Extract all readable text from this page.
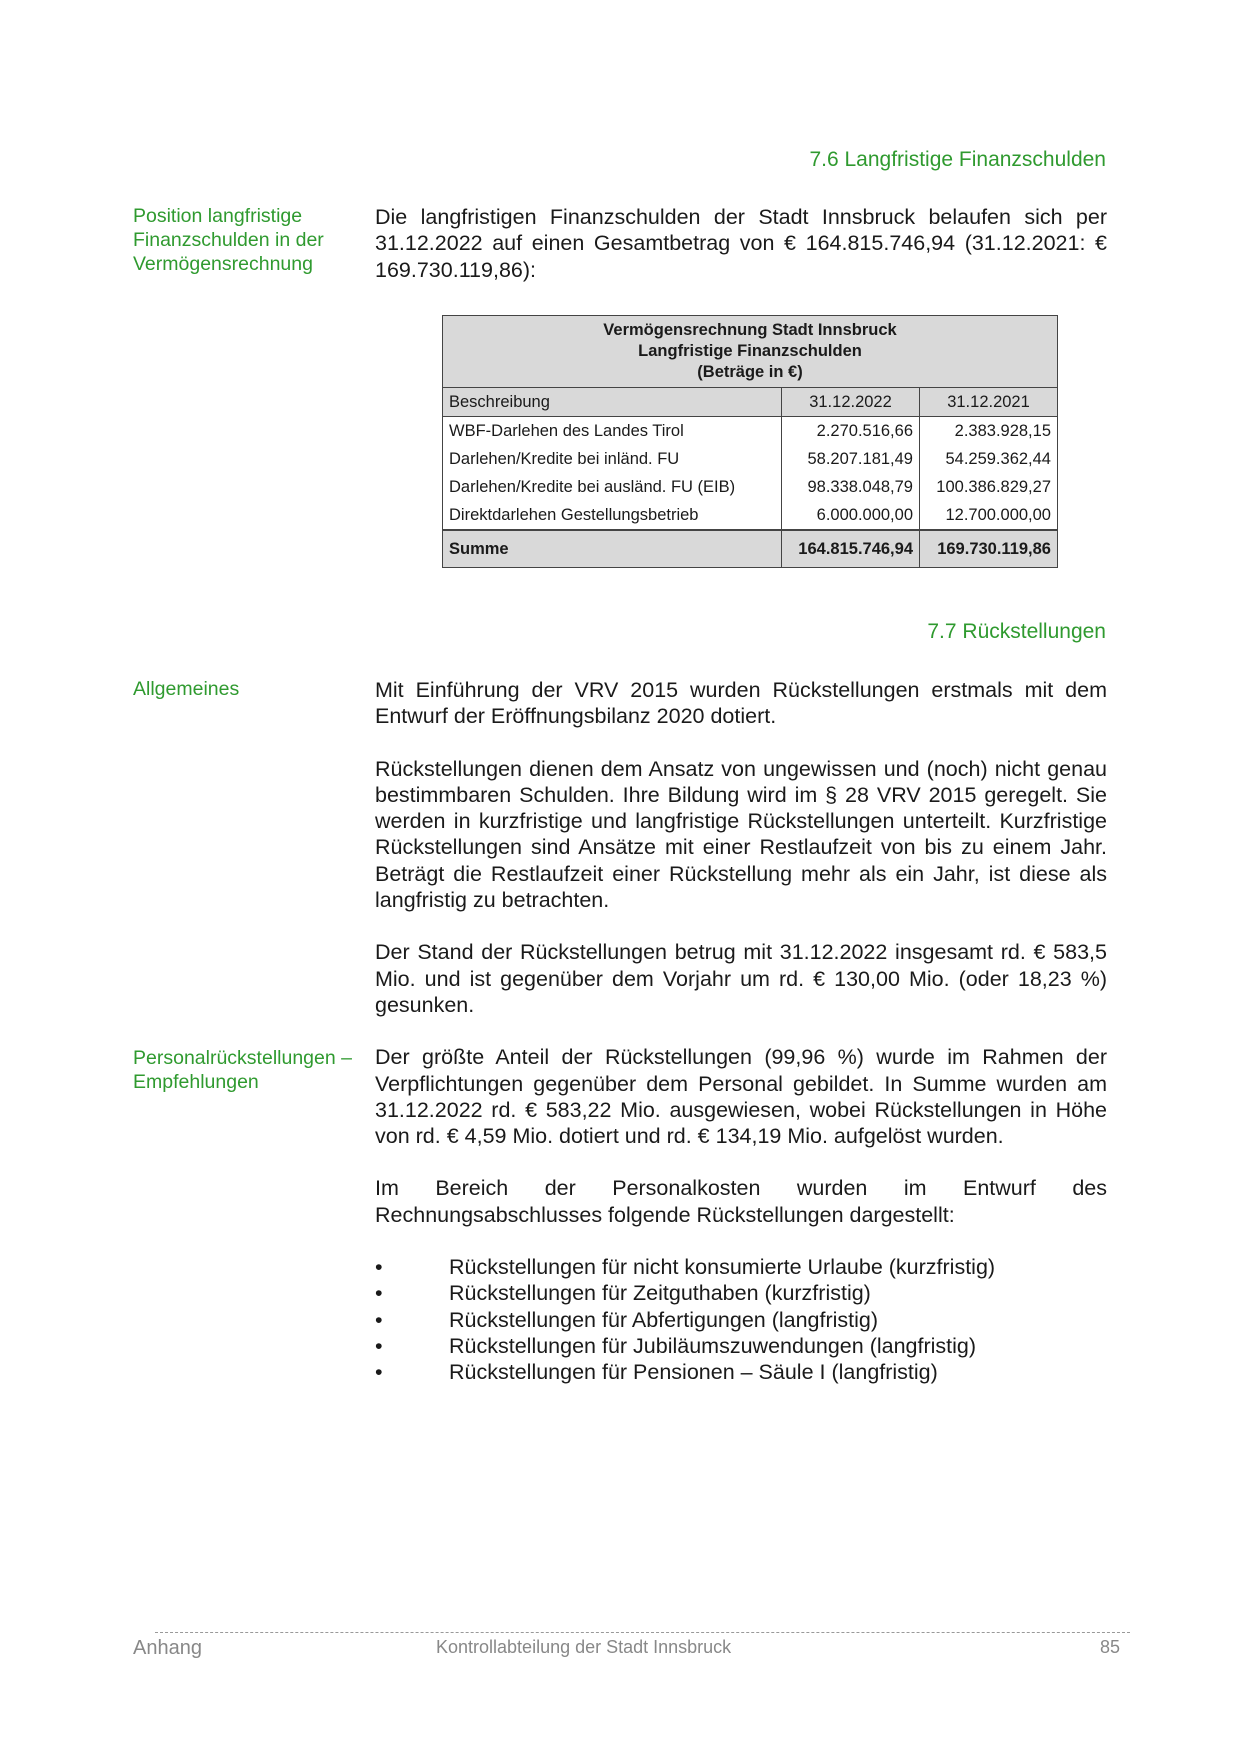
7.6 Langfristige Finanzschulden
Position langfristige Finanzschulden in der Vermögensrechnung

Die langfristigen Finanzschulden der Stadt Innsbruck belaufen sich per 31.12.2022 auf einen Gesamtbetrag von € 164.815.746,94 (31.12.2021: € 169.730.119,86):

Vermögensrechnung Stadt Innsbruck
Langfristige Finanzschulden
(Beträge in €)		
Beschreibung	31.12.2022	31.12.2021
WBF-Darlehen des Landes Tirol	2.270.516,66	2.383.928,15
Darlehen/Kredite bei inländ. FU	58.207.181,49	54.259.362,44
Darlehen/Kredite bei ausländ. FU (EIB)	98.338.048,79	100.386.829,27
Direktdarlehen Gestellungsbetrieb	6.000.000,00	12.700.000,00
Summe	164.815.746,94	169.730.119,86
7.7 Rückstellungen
Allgemeines
Personalrückstellungen – Empfehlungen

Mit Einführung der VRV 2015 wurden Rückstellungen erstmals mit dem Entwurf der Eröffnungsbilanz 2020 dotiert.

Rückstellungen dienen dem Ansatz von ungewissen und (noch) nicht genau bestimmbaren Schulden. Ihre Bildung wird im § 28 VRV 2015 geregelt. Sie werden in kurzfristige und langfristige Rückstellungen unterteilt. Kurzfristige Rückstellungen sind Ansätze mit einer Restlaufzeit von bis zu einem Jahr. Beträgt die Restlaufzeit einer Rückstellung mehr als ein Jahr, ist diese als langfristig zu betrachten.

Der Stand der Rückstellungen betrug mit 31.12.2022 insgesamt rd. € 583,5 Mio. und ist gegenüber dem Vorjahr um rd. € 130,00 Mio. (oder 18,23 %) gesunken.

Der größte Anteil der Rückstellungen (99,96 %) wurde im Rahmen der Verpflichtungen gegenüber dem Personal gebildet. In Summe wurden am 31.12.2022 rd. € 583,22 Mio. ausgewiesen, wobei Rückstellungen in Höhe von rd. € 4,59 Mio. dotiert und rd. € 134,19 Mio. aufgelöst wurden.

Im Bereich der Personalkosten wurden im Entwurf des Rechnungsabschlusses folgende Rückstellungen dargestellt:

•	Rückstellungen für nicht konsumierte Urlaube (kurzfristig)
•	Rückstellungen für Zeitguthaben (kurzfristig)
•	Rückstellungen für Abfertigungen (langfristig)
•	Rückstellungen für Jubiläumszuwendungen (langfristig)
•	Rückstellungen für Pensionen – Säule I (langfristig)
Anhang	Kontrollabteilung der Stadt Innsbruck	85
